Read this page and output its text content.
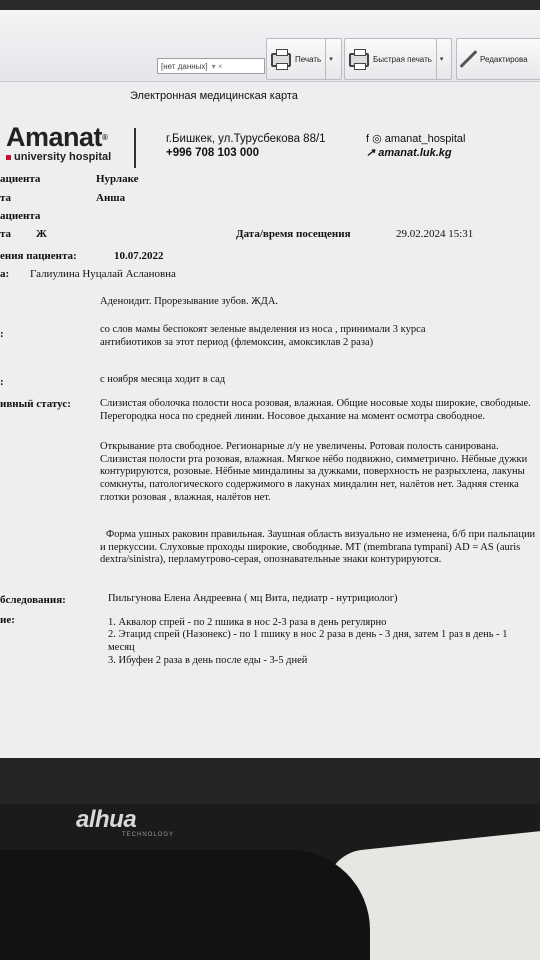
[нет данных] ▾ ×
Печать	▾	Быстрая печать	▾	Редактирова
Электронная медицинская карта
Amanat®
university hospital
г.Бишкек, ул.Турусбекова 88/1
+996 708 103 000
f ◎ amanat_hospital
↗ amanat.luk.kg
ациента	Нурлаке
та	Анша
ациента
та Ж	Дата/время посещения	29.02.2024 15:31
ения пациента:	10.07.2022
а: Галиулина Нуцалай Аслановна
Аденоидит. Прорезывание зубов. ЖДА.
:	со слов мамы беспокоят зеленые выделения из носа , принимали 3 курса антибиотиков за этот период (флемоксин, амоксиклав 2 раза)
:	с ноября месяца ходит в сад
ивный статус:	Слизистая оболочка полости носа розовая, влажная. Общие носовые ходы широкие, свободные. Перегородка носа по средней линии. Носовое дыхание на момент осмотра свободное.
Открывание рта свободное. Регионарные л/у не увеличены. Ротовая полость санирована. Слизистая полости рта розовая, влажная. Мягкое нёбо подвижно, симметрично. Нёбные дужки контурируются, розовые. Нёбные миндалины за дужками, поверхность не разрыхлена, лакуны сомкнуты, патологического содержимого в лакунах миндалин нет, налётов нет. Задняя стенка глотки розовая , влажная, налётов нет.
Форма ушных раковин правильная. Заушная область визуально не изменена, б/б при пальпации и перкуссии. Слуховые проходы широкие, свободные. МТ (membrana tympani) AD = AS (auris dextra/sinistra), перламутрово-серая, опознавательные знаки контурируются.
бследования:	Пильгунова Елена Андреевна ( мц Вита, педиатр - нутрициолог)
ие:	1. Аквалор спрей - по 2 пшика в нос 2-3 раза в день регулярно
2. Этацид спрей (Назонекс) - по 1 пшику в нос 2 раза в день - 3 дня, затем 1 раз в день - 1 месяц
3. Ибуфен 2 раза в день после еды - 3-5 дней
alhua
TECHNOLOGY
